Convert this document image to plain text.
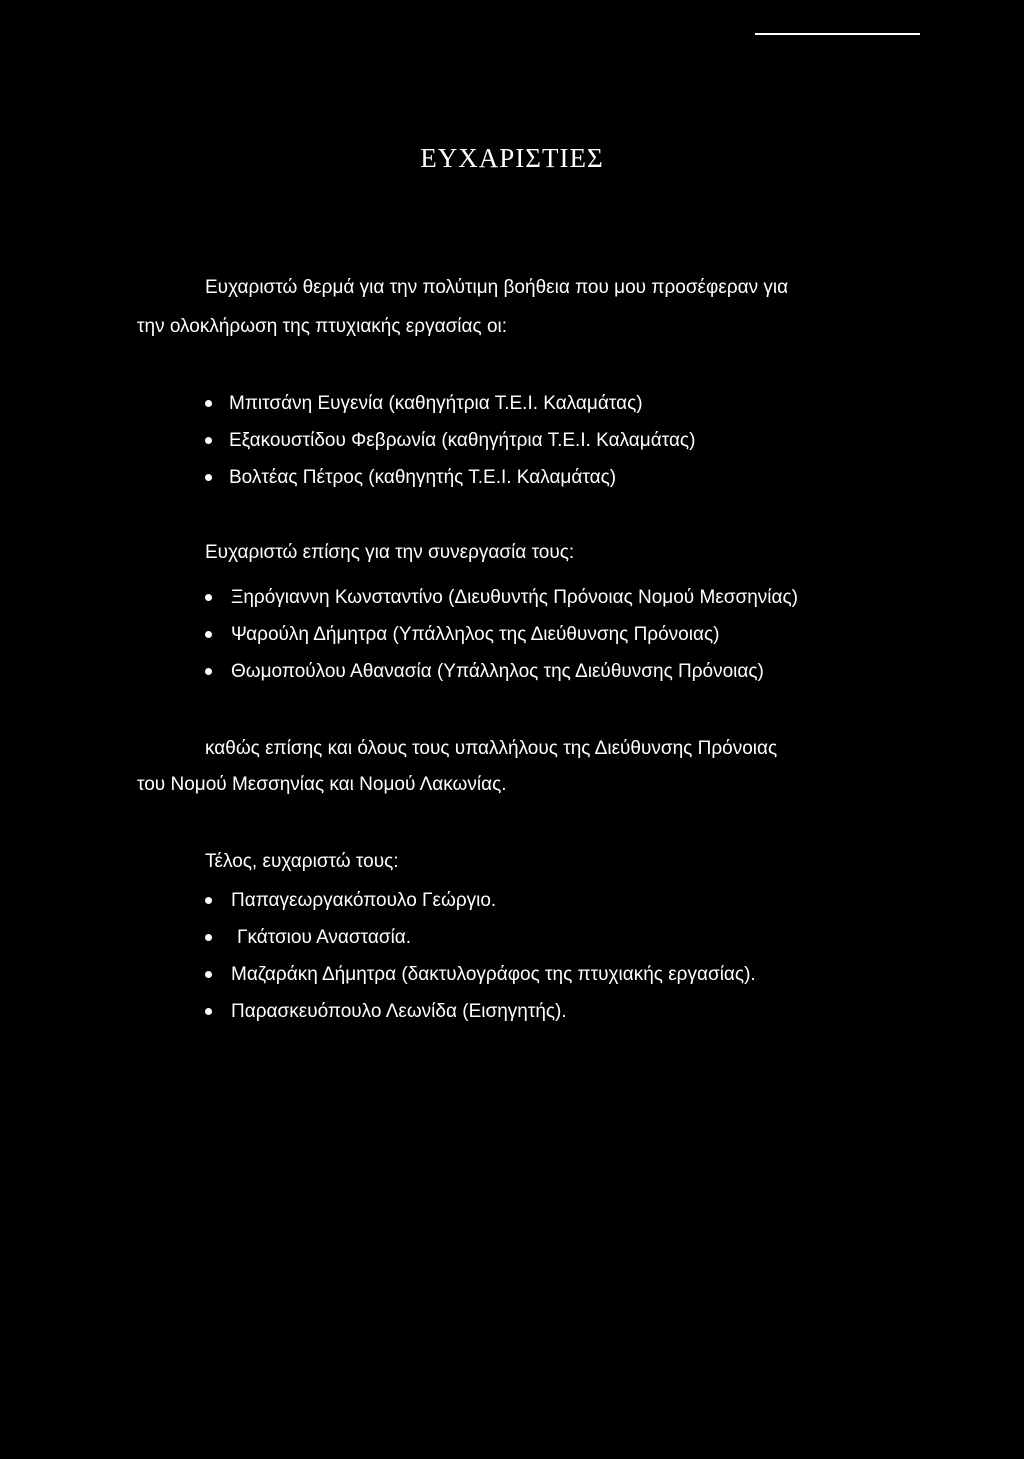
ΕΥΧΑΡΙΣΤΙΕΣ
Ευχαριστώ θερμά για την πολύτιμη βοήθεια που μου προσέφεραν για
την ολοκλήρωση της πτυχιακής εργασίας οι:
Μπιτσάνη Ευγενία (καθηγήτρια Τ.Ε.Ι. Καλαμάτας)
Εξακουστίδου Φεβρωνία (καθηγήτρια Τ.Ε.Ι. Καλαμάτας)
Βολτέας Πέτρος (καθηγητής Τ.Ε.Ι. Καλαμάτας)
Ευχαριστώ επίσης για την συνεργασία τους:
Ξηρόγιαννη Κωνσταντίνο (Διευθυντής Πρόνοιας Νομού Μεσσηνίας)
Ψαρούλη Δήμητρα (Υπάλληλος της Διεύθυνσης Πρόνοιας)
Θωμοπούλου Αθανασία (Υπάλληλος της Διεύθυνσης Πρόνοιας)
καθώς επίσης και όλους τους υπαλλήλους της Διεύθυνσης Πρόνοιας
του Νομού Μεσσηνίας και Νομού Λακωνίας.
Τέλος, ευχαριστώ τους:
Παπαγεωργακόπουλο Γεώργιο.
Γκάτσιου Αναστασία.
Μαζαράκη Δήμητρα (δακτυλογράφος της πτυχιακής εργασίας).
Παρασκευόπουλο Λεωνίδα (Εισηγητής).
